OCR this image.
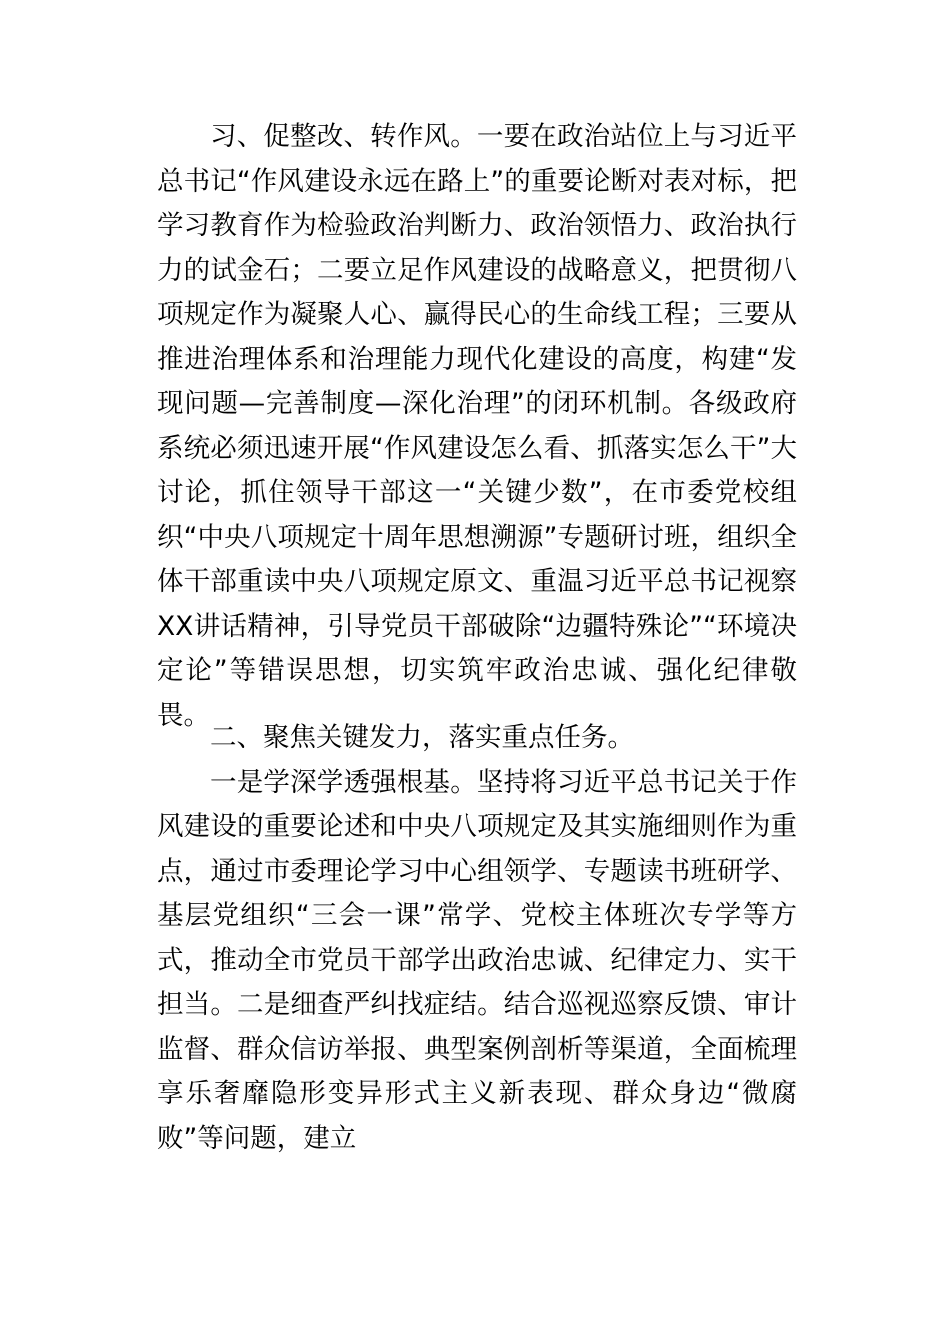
习、促整改、转作风。一要在政治站位上与习近平总书记“作风建设永远在路上”的重要论断对表对标，把学习教育作为检验政治判断力、政治领悟力、政治执行力的试金石；二要立足作风建设的战略意义，把贯彻八项规定作为凝聚人心、赢得民心的生命线工程；三要从推进治理体系和治理能力现代化建设的高度，构建“发现问题—完善制度—深化治理”的闭环机制。各级政府系统必须迅速开展“作风建设怎么看、抓落实怎么干”大讨论，抓住领导干部这一“关键少数”，在市委党校组织“中央八项规定十周年思想溯源”专题研讨班，组织全体干部重读中央八项规定原文、重温习近平总书记视察XX讲话精神，引导党员干部破除“边疆特殊论”“环境决定论”等错误思想，切实筑牢政治忠诚、强化纪律敬畏。

二、聚焦关键发力，落实重点任务。

一是学深学透强根基。坚持将习近平总书记关于作风建设的重要论述和中央八项规定及其实施细则作为重点，通过市委理论学习中心组领学、专题读书班研学、基层党组织“三会一课”常学、党校主体班次专学等方式，推动全市党员干部学出政治忠诚、纪律定力、实干担当。二是细查严纠找症结。结合巡视巡察反馈、审计监督、群众信访举报、典型案例剖析等渠道，全面梳理享乐奢靡隐形变异形式主义新表现、群众身边“微腐败”等问题，建立
